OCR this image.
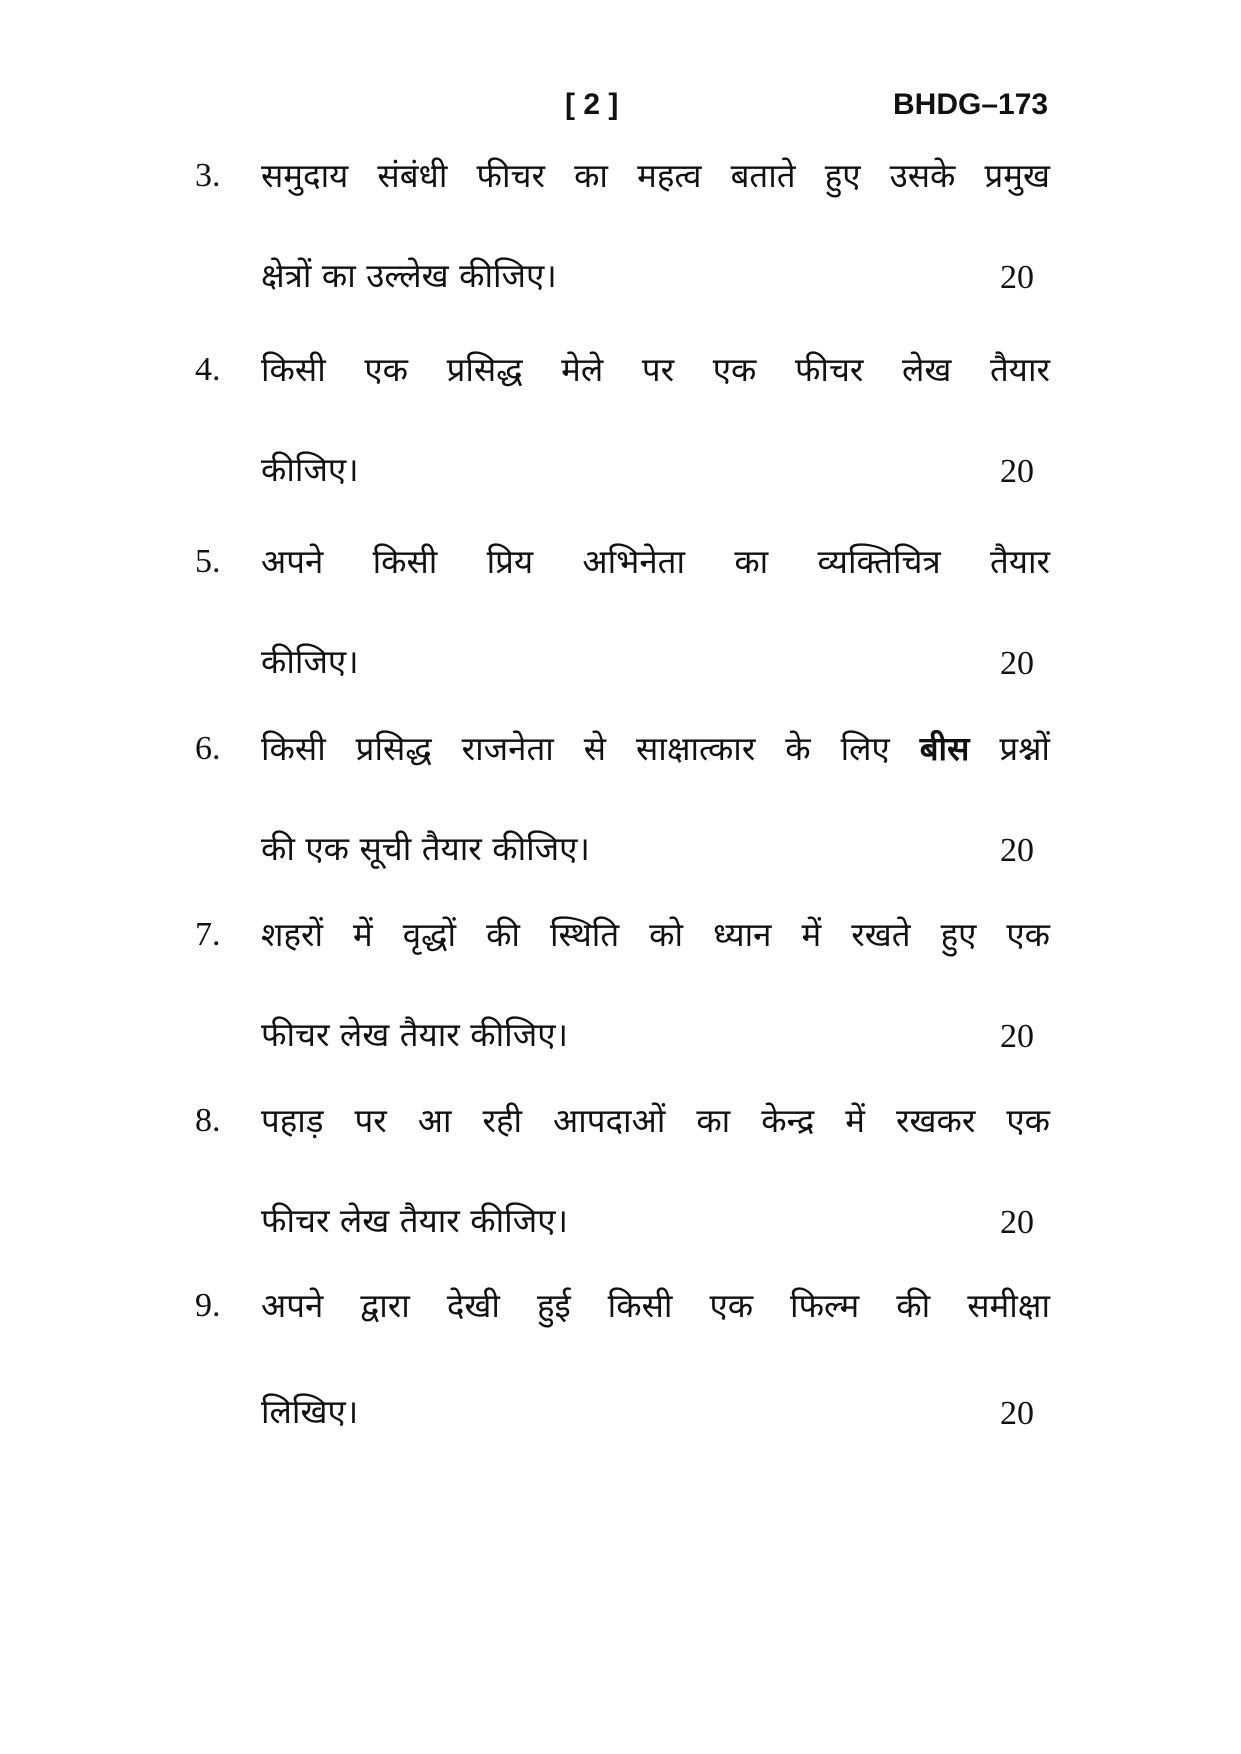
[ 2 ]	BHDG–173
3. समुदाय संबंधी फीचर का महत्व बताते हुए उसके प्रमुख
क्षेत्रों का उल्लेख कीजिए।	20
4. किसी एक प्रसिद्ध मेले पर एक फीचर लेख तैयार
कीजिए।	20
5. अपने किसी प्रिय अभिनेता का व्यक्तिचित्र तैयार
कीजिए।	20
6. किसी प्रसिद्ध राजनेता से साक्षात्कार के लिए बीस प्रश्नों
की एक सूची तैयार कीजिए।	20
7. शहरों में वृद्धों की स्थिति को ध्यान में रखते हुए एक
फीचर लेख तैयार कीजिए।	20
8. पहाड़ पर आ रही आपदाओं का केन्द्र में रखकर एक
फीचर लेख तैयार कीजिए।	20
9. अपने द्वारा देखी हुई किसी एक फिल्म की समीक्षा
लिखिए।	20
